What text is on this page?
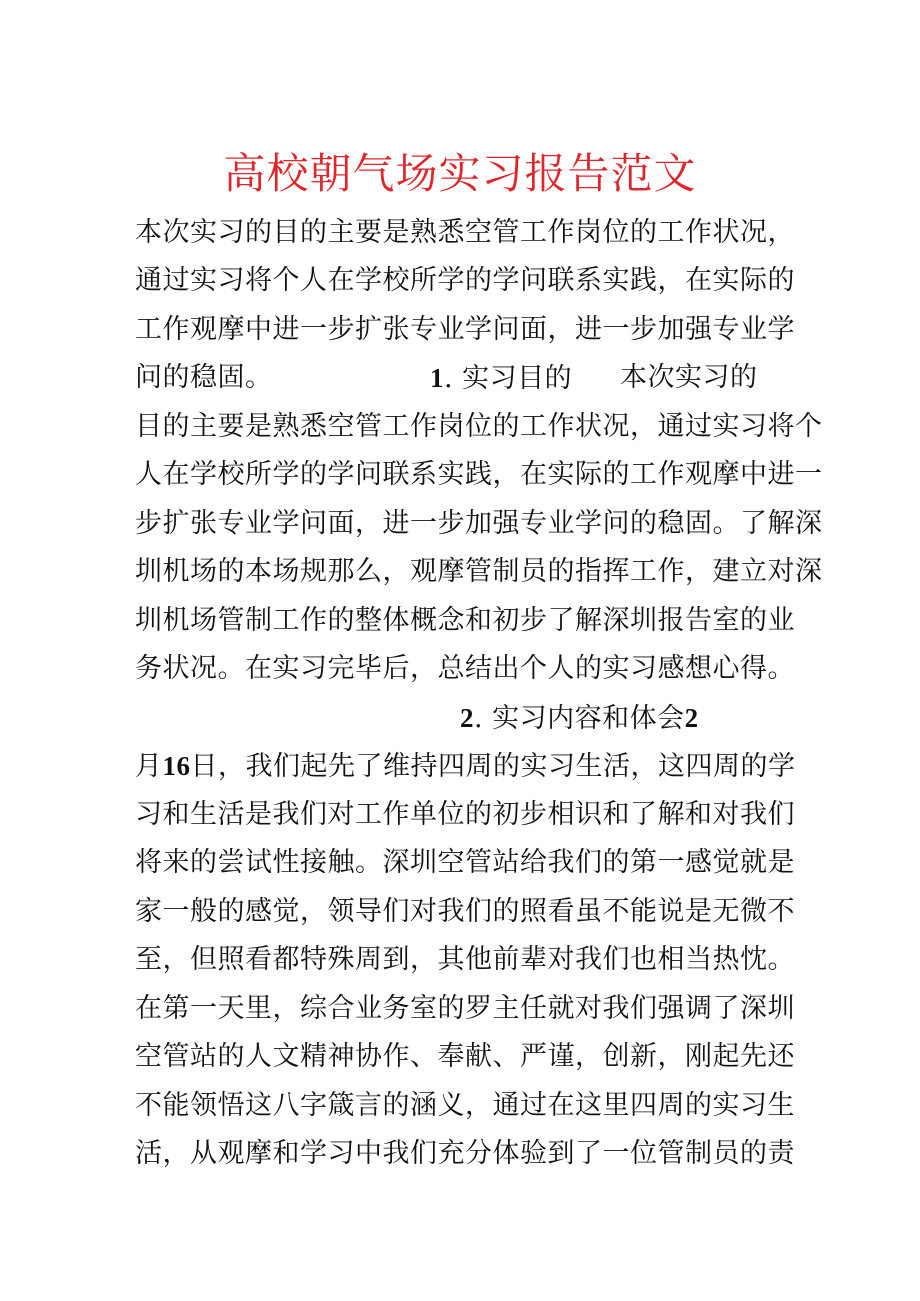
高校朝气场实习报告范文
本次实习的目的主要是熟悉空管工作岗位的工作状况，
通过实习将个人在学校所学的学问联系实践，在实际的
工作观摩中进一步扩张专业学问面，进一步加强专业学
问的稳固。	1. 实习目的 本次实习的
目的主要是熟悉空管工作岗位的工作状况，通过实习将个
人在学校所学的学问联系实践，在实际的工作观摩中进一
步扩张专业学问面，进一步加强专业学问的稳固。了解深
圳机场的本场规那么，观摩管制员的指挥工作，建立对深
圳机场管制工作的整体概念和初步了解深圳报告室的业
务状况。在实习完毕后，总结出个人的实习感想心得。
2. 实习内容和体会2
月16日，我们起先了维持四周的实习生活，这四周的学
习和生活是我们对工作单位的初步相识和了解和对我们
将来的尝试性接触。深圳空管站给我们的第一感觉就是
家一般的感觉，领导们对我们的照看虽不能说是无微不
至，但照看都特殊周到，其他前辈对我们也相当热忱。
在第一天里，综合业务室的罗主任就对我们强调了深圳
空管站的人文精神协作、奉献、严谨，创新，刚起先还
不能领悟这八字箴言的涵义，通过在这里四周的实习生
活，从观摩和学习中我们充分体验到了一位管制员的责
